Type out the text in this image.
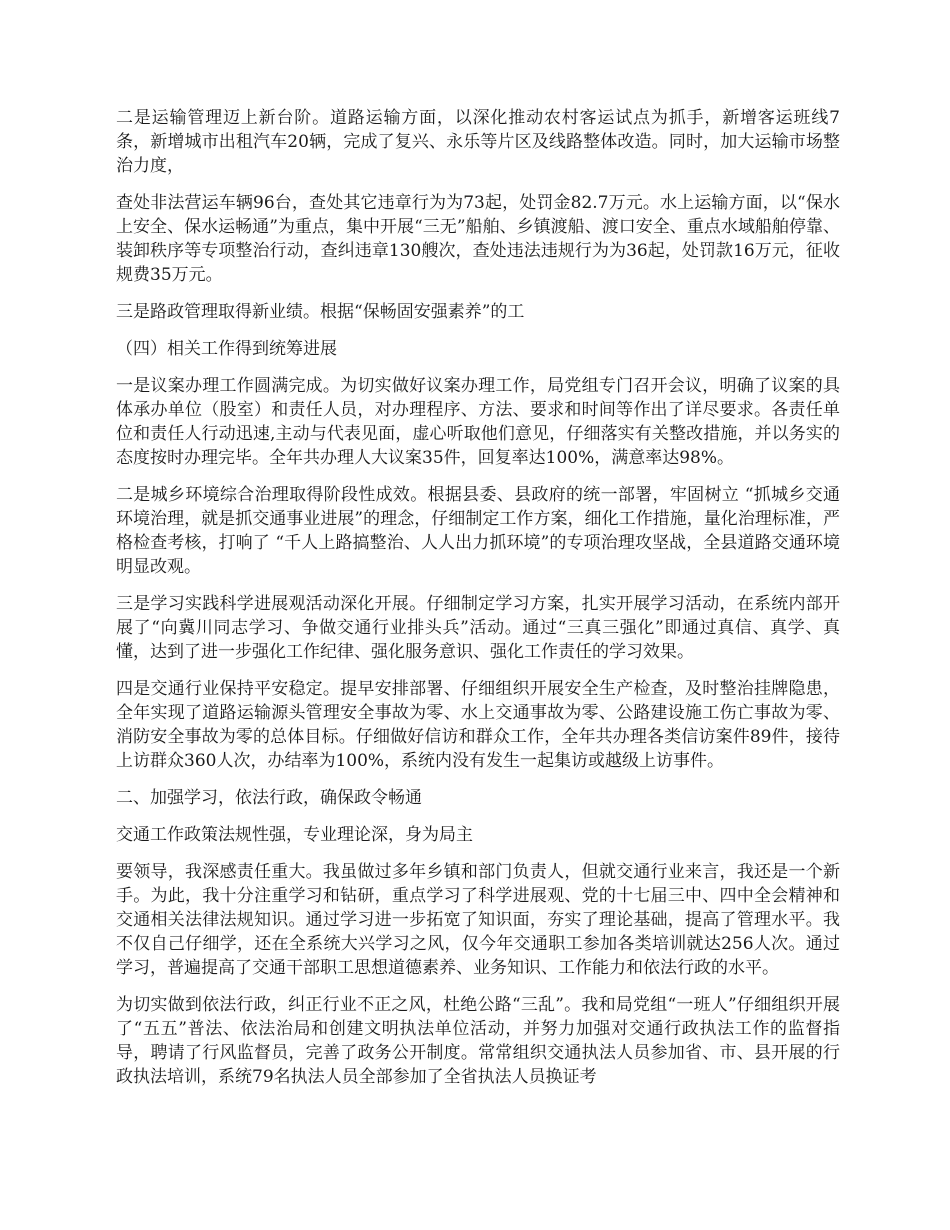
二是运输管理迈上新台阶。道路运输方面，以深化推动农村客运试点为抓手，新增客运班线7条，新增城市出租汽车20辆，完成了复兴、永乐等片区及线路整体改造。同时，加大运输市场整治力度，

查处非法营运车辆96台，查处其它违章行为为73起，处罚金82.7万元。水上运输方面，以“保水上安全、保水运畅通”为重点，集中开展“三无”船舶、乡镇渡船、渡口安全、重点水域船舶停靠、装卸秩序等专项整治行动，查纠违章130艘次，查处违法违规行为为36起，处罚款16万元，征收规费35万元。

三是路政管理取得新业绩。根据“保畅固安强素养”的工

（四）相关工作得到统筹进展

一是议案办理工作圆满完成。为切实做好议案办理工作，局党组专门召开会议，明确了议案的具体承办单位（股室）和责任人员，对办理程序、方法、要求和时间等作出了详尽要求。各责任单位和责任人行动迅速,主动与代表见面，虚心听取他们意见，仔细落实有关整改措施，并以务实的态度按时办理完毕。全年共办理人大议案35件，回复率达100%，满意率达98%。

二是城乡环境综合治理取得阶段性成效。根据县委、县政府的统一部署，牢固树立 “抓城乡交通环境治理，就是抓交通事业进展”的理念，仔细制定工作方案，细化工作措施，量化治理标准，严格检查考核，打响了 “千人上路搞整治、人人出力抓环境”的专项治理攻坚战，全县道路交通环境明显改观。

三是学习实践科学进展观活动深化开展。仔细制定学习方案，扎实开展学习活动，在系统内部开展了“向冀川同志学习、争做交通行业排头兵”活动。通过“三真三强化”即通过真信、真学、真懂，达到了进一步强化工作纪律、强化服务意识、强化工作责任的学习效果。

四是交通行业保持平安稳定。提早安排部署、仔细组织开展安全生产检查，及时整治挂牌隐患，全年实现了道路运输源头管理安全事故为零、水上交通事故为零、公路建设施工伤亡事故为零、消防安全事故为零的总体目标。仔细做好信访和群众工作，全年共办理各类信访案件89件，接待上访群众360人次，办结率为100%，系统内没有发生一起集访或越级上访事件。

二、加强学习，依法行政，确保政令畅通

交通工作政策法规性强，专业理论深，身为局主

要领导，我深感责任重大。我虽做过多年乡镇和部门负责人，但就交通行业来言，我还是一个新手。为此，我十分注重学习和钻研，重点学习了科学进展观、党的十七届三中、四中全会精神和交通相关法律法规知识。通过学习进一步拓宽了知识面，夯实了理论基础，提高了管理水平。我不仅自己仔细学，还在全系统大兴学习之风，仅今年交通职工参加各类培训就达256人次。通过学习，普遍提高了交通干部职工思想道德素养、业务知识、工作能力和依法行政的水平。

为切实做到依法行政，纠正行业不正之风，杜绝公路“三乱”。我和局党组“一班人”仔细组织开展了“五五”普法、依法治局和创建文明执法单位活动，并努力加强对交通行政执法工作的监督指导，聘请了行风监督员，完善了政务公开制度。常常组织交通执法人员参加省、市、县开展的行政执法培训，系统79名执法人员全部参加了全省执法人员换证考
